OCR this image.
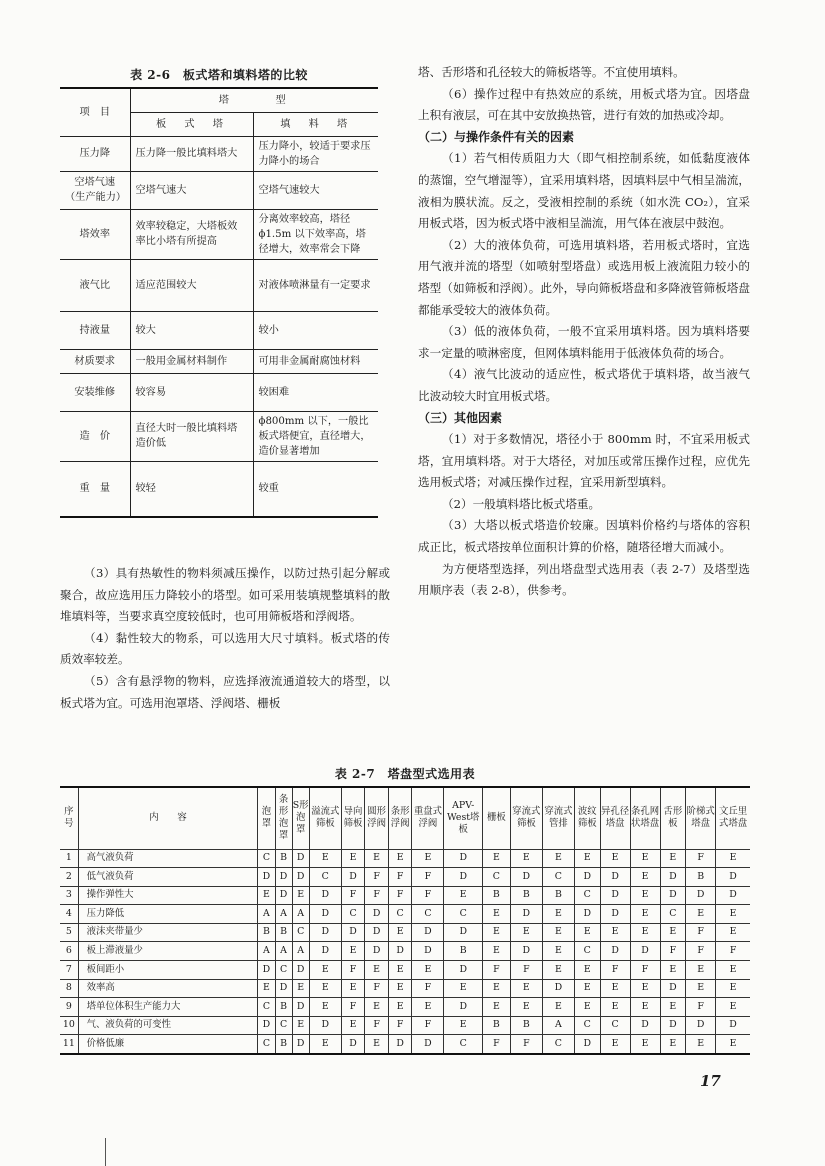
表 2-6　板式塔和填料塔的比较
项　目	塔　　　型	
	板　式　塔	填　料　塔
压力降	压力降一般比填料塔大	压力降小，较适于要求压力降小的场合
空塔气速（生产能力）	空塔气速大	空塔气速较大
塔效率	效率较稳定，大塔板效率比小塔有所提高	分离效率较高，塔径 ϕ1.5m 以下效率高，塔径增大，效率常会下降
液气比	适应范围较大	对液体喷淋量有一定要求
持液量	较大	较小
材质要求	一般用金属材料制作	可用非金属耐腐蚀材料
安装维修	较容易	较困难
造　价	直径大时一般比填料塔造价低	ϕ800mm 以下，一般比板式塔便宜，直径增大，造价显著增加
重　量	较轻	较重

（3）具有热敏性的物料须减压操作，以防过热引起分解或聚合，故应选用压力降较小的塔型。如可采用装填规整填料的散堆填料等，当要求真空度较低时，也可用筛板塔和浮阀塔。

（4）黏性较大的物系，可以选用大尺寸填料。板式塔的传质效率较差。

（5）含有悬浮物的物料，应选择液流通道较大的塔型，以板式塔为宜。可选用泡罩塔、浮阀塔、栅板

塔、舌形塔和孔径较大的筛板塔等。不宜使用填料。

（6）操作过程中有热效应的系统，用板式塔为宜。因塔盘上积有液层，可在其中安放换热管，进行有效的加热或冷却。

（二）与操作条件有关的因素

（1）若气相传质阻力大（即气相控制系统，如低黏度液体的蒸馏，空气增湿等），宜采用填料塔，因填料层中气相呈湍流，液相为膜状流。反之，受液相控制的系统（如水洗 CO₂），宜采用板式塔，因为板式塔中液相呈湍流，用气体在液层中鼓泡。

（2）大的液体负荷，可选用填料塔，若用板式塔时，宜选用气液并流的塔型（如喷射型塔盘）或选用板上液流阻力较小的塔型（如筛板和浮阀）。此外，导向筛板塔盘和多降液管筛板塔盘都能承受较大的液体负荷。

（3）低的液体负荷，一般不宜采用填料塔。因为填料塔要求一定量的喷淋密度，但网体填料能用于低液体负荷的场合。

（4）液气比波动的适应性，板式塔优于填料塔，故当液气比波动较大时宜用板式塔。

（三）其他因素

（1）对于多数情况，塔径小于 800mm 时，不宜采用板式塔，宜用填料塔。对于大塔径，对加压或常压操作过程，应优先选用板式塔；对减压操作过程，宜采用新型填料。

（2）一般填料塔比板式塔重。

（3）大塔以板式塔造价较廉。因填料价格约与塔体的容积成正比，板式塔按单位面积计算的价格，随塔径增大而减小。

为方便塔型选择，列出塔盘型式选用表（表 2-7）及塔型选用顺序表（表 2-8），供参考。

表 2-7　塔盘型式选用表
序号	内　　容	泡罩	条形泡罩	S形泡罩	溢流式筛板	导向筛板	圆形浮阀	条形浮阀	重盘式浮阀	APV-West塔板	栅板	穿流式筛板	穿流式管排	波纹筛板	异孔径塔盘	条孔网状塔盘	舌形板	阶梯式塔盘	文丘里式塔盘
1	高气液负荷	C	B	D	E	E	E	E	E	D	E	E	E	E	E	E	E	F	E
2	低气液负荷	D	D	D	C	D	F	F	F	D	C	D	C	D	D	E	D	B	D
3	操作弹性大	E	D	E	D	F	F	F	F	E	B	B	B	C	D	E	D	D	D
4	压力降低	A	A	A	D	C	D	C	C	C	E	D	E	D	D	E	C	E	E
5	液沫夹带量少	B	B	C	D	D	D	E	D	D	E	E	E	E	E	E	E	F	E
6	板上滞液量少	A	A	A	D	E	D	D	D	B	E	D	E	C	D	D	F	F	F
7	板间距小	D	C	D	E	F	E	E	E	D	F	F	E	E	F	F	E	E	E
8	效率高	E	D	E	E	E	F	E	F	E	E	E	D	E	E	E	D	E	E
9	塔单位体积生产能力大	C	B	D	E	F	E	E	E	D	E	E	E	E	E	E	E	F	E
10	气、液负荷的可变性	D	C	E	D	E	F	F	F	E	B	B	A	C	C	D	D	D	D
11	价格低廉	C	B	D	E	D	E	D	D	C	F	F	C	D	E	E	E	E	E
17
